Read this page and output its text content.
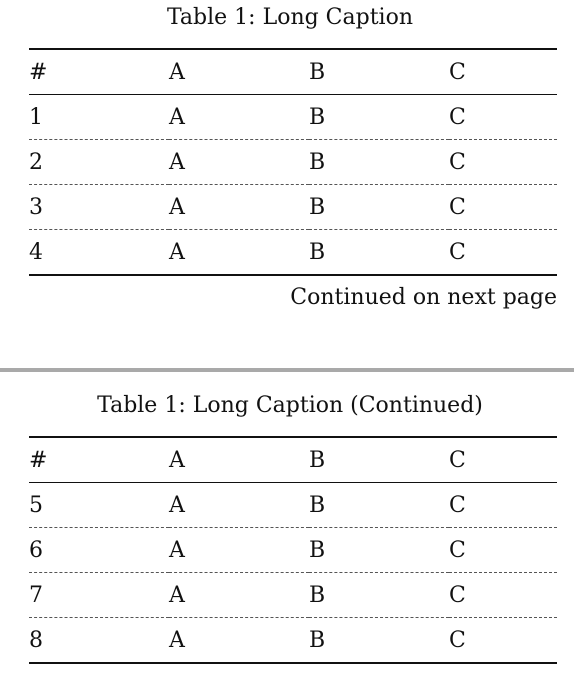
Table 1: Long Caption
#	A	B	C
1	A	B	C
2	A	B	C
3	A	B	C
4	A	B	C
Continued on next page
Table 1: Long Caption (Continued)
#	A	B	C
5	A	B	C
6	A	B	C
7	A	B	C
8	A	B	C
